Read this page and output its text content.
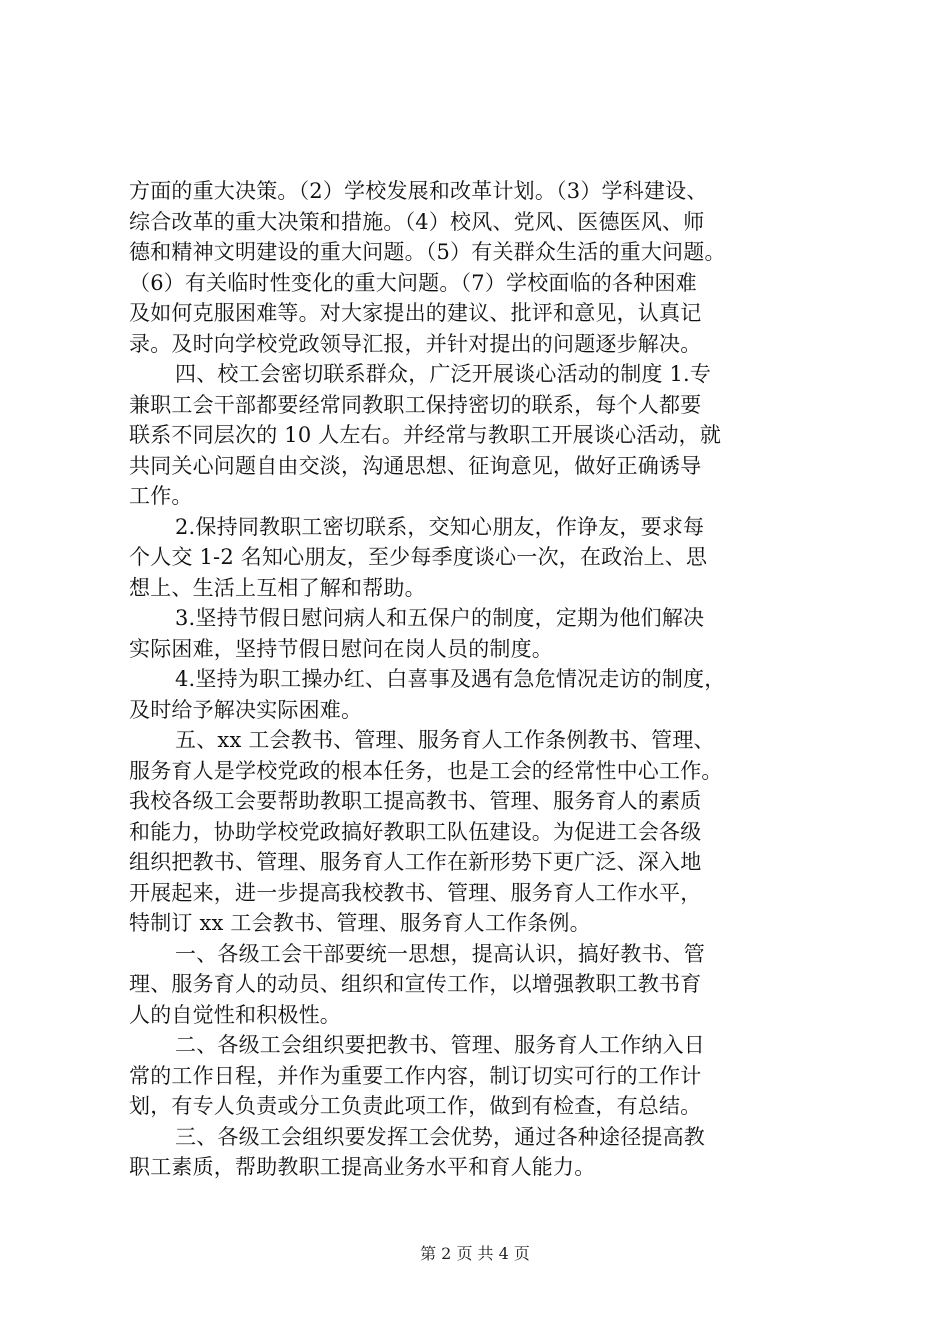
方面的重大决策。（2）学校发展和改革计划。（3）学科建设、
综合改革的重大决策和措施。（4）校风、党风、医德医风、师
德和精神文明建设的重大问题。（5）有关群众生活的重大问题。
（6）有关临时性变化的重大问题。（7）学校面临的各种困难
及如何克服困难等。对大家提出的建议、批评和意见，认真记
录。及时向学校党政领导汇报，并针对提出的问题逐步解决。
四、校工会密切联系群众，广泛开展谈心活动的制度 1.专
兼职工会干部都要经常同教职工保持密切的联系，每个人都要
联系不同层次的 10 人左右。并经常与教职工开展谈心活动，就
共同关心问题自由交淡，沟通思想、征询意见，做好正确诱导
工作。
2.保持同教职工密切联系，交知心朋友，作诤友，要求每
个人交 1-2 名知心朋友，至少每季度谈心一次，在政治上、思
想上、生活上互相了解和帮助。
3.坚持节假日慰问病人和五保户的制度，定期为他们解决
实际困难，坚持节假日慰问在岗人员的制度。
4.坚持为职工操办红、白喜事及遇有急危情况走访的制度，
及时给予解决实际困难。
五、xx 工会教书、管理、服务育人工作条例教书、管理、
服务育人是学校党政的根本任务，也是工会的经常性中心工作。
我校各级工会要帮助教职工提高教书、管理、服务育人的素质
和能力，协助学校党政搞好教职工队伍建设。为促进工会各级
组织把教书、管理、服务育人工作在新形势下更广泛、深入地
开展起来，进一步提高我校教书、管理、服务育人工作水平，
特制订 xx 工会教书、管理、服务育人工作条例。
一、各级工会干部要统一思想，提高认识，搞好教书、管
理、服务育人的动员、组织和宣传工作，以增强教职工教书育
人的自觉性和积极性。
二、各级工会组织要把教书、管理、服务育人工作纳入日
常的工作日程，并作为重要工作内容，制订切实可行的工作计
划，有专人负责或分工负责此项工作，做到有检查，有总结。
三、各级工会组织要发挥工会优势，通过各种途径提高教
职工素质，帮助教职工提高业务水平和育人能力。
第 2 页 共 4 页
